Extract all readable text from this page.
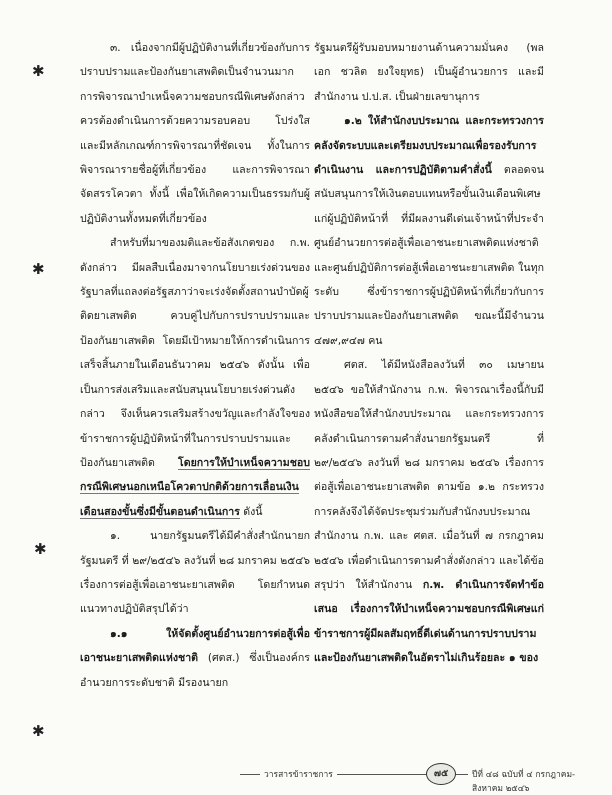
✱
✱
✱
✱

๓. เนื่องจากมีผู้ปฏิบัติงานที่เกี่ยวข้องกับการปราบปรามและป้องกันยาเสพติดเป็นจำนวนมากการพิจารณาบำเหน็จความชอบกรณีพิเศษดังกล่าวควรต้องดำเนินการด้วยความรอบคอบ โปร่งใส และมีหลักเกณฑ์การพิจารณาที่ชัดเจน ทั้งในการพิจารณารายชื่อผู้ที่เกี่ยวข้อง และการพิจารณาจัดสรรโควตา ทั้งนี้ เพื่อให้เกิดความเป็นธรรมกับผู้ปฏิบัติงานทั้งหมดที่เกี่ยวข้อง

สำหรับที่มาของมติและข้อสังเกตของ ก.พ. ดังกล่าว มีผลสืบเนื่องมาจากนโยบายเร่งด่วนของรัฐบาลที่แถลงต่อรัฐสภาว่าจะเร่งจัดตั้งสถานบำบัดผู้ติดยาเสพติด ควบคู่ไปกับการปราบปรามและป้องกันยาเสพติด โดยมีเป้าหมายให้การดำเนินการเสร็จสิ้นภายในเดือนธันวาคม ๒๕๔๖ ดังนั้น เพื่อเป็นการส่งเสริมและสนับสนุนนโยบายเร่งด่วนดังกล่าว จึงเห็นควรเสริมสร้างขวัญและกำลังใจของข้าราชการผู้ปฏิบัติหน้าที่ในการปราบปรามและป้องกันยาเสพติด โดยการให้บำเหน็จความชอบกรณีพิเศษนอกเหนือโควตาปกติด้วยการเลื่อนเงินเดือนสองขั้นซึ่งมีขั้นตอนดำเนินการ ดังนี้

๑. นายกรัฐมนตรีได้มีคำสั่งสำนักนายกรัฐมนตรี ที่ ๒๙/๒๕๔๖ ลงวันที่ ๒๘ มกราคม ๒๕๔๖ เรื่องการต่อสู้เพื่อเอาชนะยาเสพติด โดยกำหนดแนวทางปฏิบัติสรุปได้ว่า

๑.๑ ให้จัดตั้งศูนย์อำนวยการต่อสู้เพื่อเอาชนะยาเสพติดแห่งชาติ (ศตส.) ซึ่งเป็นองค์กรอำนวยการระดับชาติ มีรองนายก

รัฐมนตรีผู้รับมอบหมายงานด้านความมั่นคง (พลเอก ชวลิต ยงใจยุทธ) เป็นผู้อำนวยการ และมีสำนักงาน ป.ป.ส. เป็นฝ่ายเลขานุการ

๑.๒ ให้สำนักงบประมาณ และกระทรวงการคลังจัดระบบและเตรียมงบประมาณเพื่อรองรับการดำเนินงาน และการปฏิบัติตามคำสั่งนี้ ตลอดจนสนับสนุนการให้เงินตอบแทนหรือขั้นเงินเดือนพิเศษแก่ผู้ปฏิบัติหน้าที่ ที่มีผลงานดีเด่นเจ้าหน้าที่ประจำศูนย์อำนวยการต่อสู้เพื่อเอาชนะยาเสพติดแห่งชาติ และศูนย์ปฏิบัติการต่อสู้เพื่อเอาชนะยาเสพติด ในทุกระดับ ซึ่งข้าราชการผู้ปฏิบัติหน้าที่เกี่ยวกับการปราบปรามและป้องกันยาเสพติด ขณะนี้มีจำนวน ๔๗๙,๙๔๗ คน

ศตส. ได้มีหนังสือลงวันที่ ๓๐ เมษายน ๒๕๔๖ ขอให้สำนักงาน ก.พ. พิจารณาเรื่องนี้กับมีหนังสือขอให้สำนักงบประมาณ และกระทรวงการคลังดำเนินการตามคำสั่งนายกรัฐมนตรี ที่ ๒๙/๒๕๔๖ ลงวันที่ ๒๘ มกราคม ๒๕๔๖ เรื่องการต่อสู้เพื่อเอาชนะยาเสพติด ตามข้อ ๑.๒ กระทรวงการคลังจึงได้จัดประชุมร่วมกับสำนักงบประมาณ สำนักงาน ก.พ. และ ศตส. เมื่อวันที่ ๗ กรกฎาคม ๒๕๔๖ เพื่อดำเนินการตามคำสั่งดังกล่าว และได้ข้อสรุปว่า ให้สำนักงาน ก.พ. ดำเนินการจัดทำข้อเสนอ เรื่องการให้บำเหน็จความชอบกรณีพิเศษแก่ข้าราชการผู้มีผลสัมฤทธิ์ดีเด่นด้านการปราบปรามและป้องกันยาเสพติดในอัตราไม่เกินร้อยละ ๑ ของ

วารสารข้าราชการ	๗๕	ปีที่ ๔๘ ฉบับที่ ๔ กรกฎาคม-สิงหาคม ๒๕๔๖
